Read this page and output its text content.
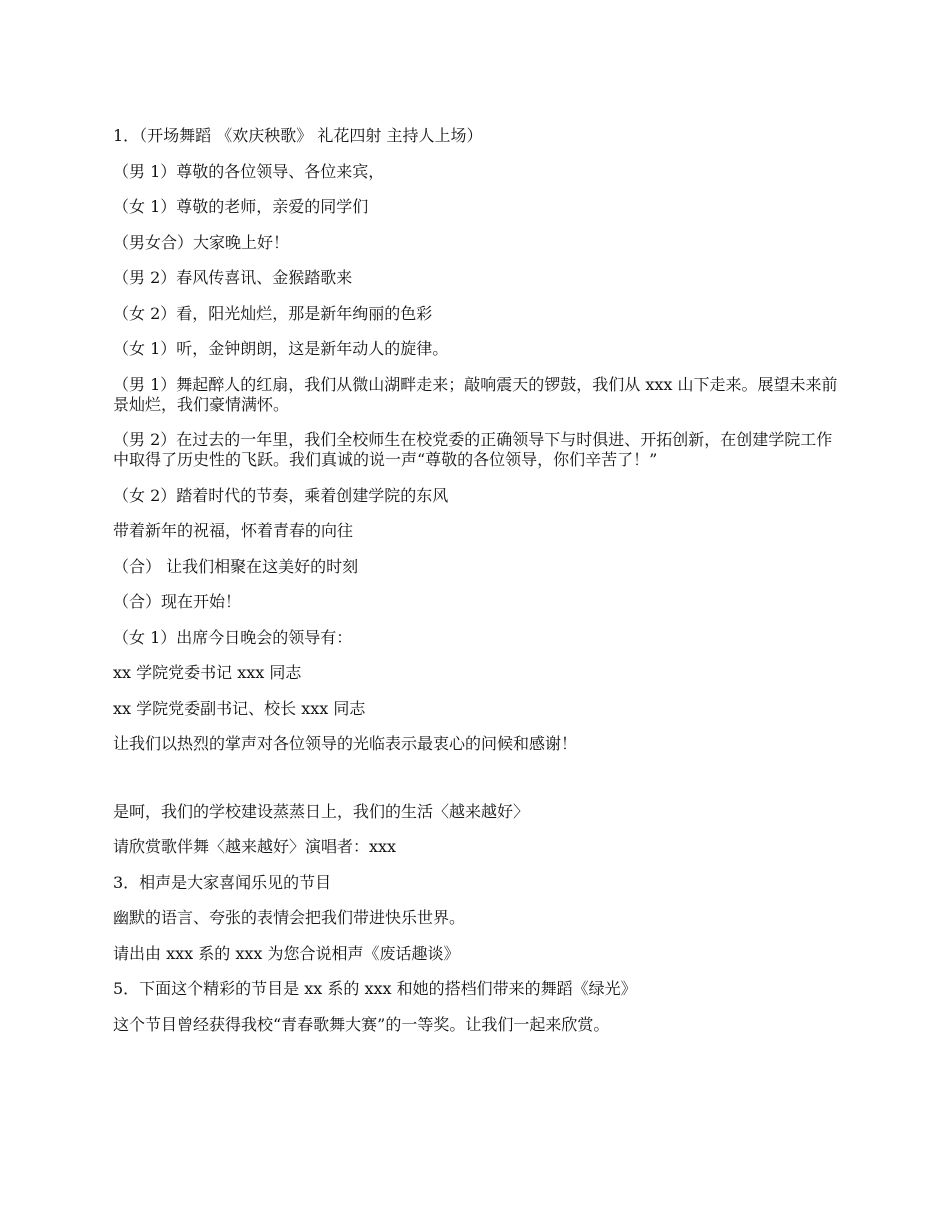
1．（开场舞蹈 《欢庆秧歌》 礼花四射 主持人上场）

（男 1）尊敬的各位领导、各位来宾，

（女 1）尊敬的老师，亲爱的同学们

（男女合）大家晚上好！

（男 2）春风传喜讯、金猴踏歌来

（女 2）看，阳光灿烂，那是新年绚丽的色彩

（女 1）听，金钟朗朗，这是新年动人的旋律。

（男 1）舞起醉人的红扇，我们从微山湖畔走来；敲响震天的锣鼓，我们从 xxx 山下走来。展望未来前景灿烂，我们豪情满怀。

（男 2）在过去的一年里，我们全校师生在校党委的正确领导下与时俱进、开拓创新，在创建学院工作中取得了历史性的飞跃。我们真诚的说一声“尊敬的各位领导，你们辛苦了！”

（女 2）踏着时代的节奏，乘着创建学院的东风

带着新年的祝福，怀着青春的向往

（合） 让我们相聚在这美好的时刻

（合）现在开始！

（女 1）出席今日晚会的领导有：

xx 学院党委书记 xxx 同志

xx 学院党委副书记、校长 xxx 同志

让我们以热烈的掌声对各位领导的光临表示最衷心的问候和感谢！

是呵，我们的学校建设蒸蒸日上，我们的生活〈越来越好〉

请欣赏歌伴舞〈越来越好〉演唱者：xxx

3．相声是大家喜闻乐见的节目

幽默的语言、夸张的表情会把我们带进快乐世界。

请出由 xxx 系的 xxx 为您合说相声《废话趣谈》

5．下面这个精彩的节目是 xx 系的 xxx 和她的搭档们带来的舞蹈《绿光》

这个节目曾经获得我校“青春歌舞大赛”的一等奖。让我们一起来欣赏。
